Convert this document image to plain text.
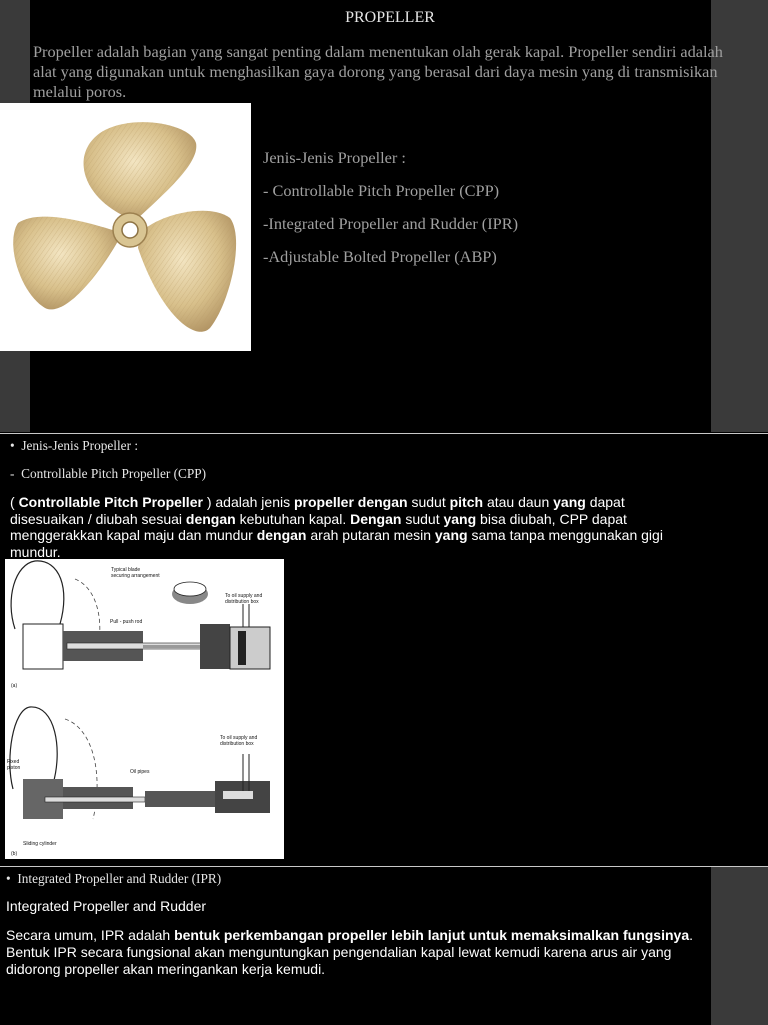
PROPELLER
Propeller adalah bagian yang sangat penting dalam menentukan olah gerak kapal. Propeller sendiri adalah alat yang digunakan untuk menghasilkan gaya dorong yang berasal dari daya mesin yang di transmisikan melalui poros.
Jenis-Jenis Propeller :
- Controllable Pitch Propeller (CPP)
-Integrated Propeller and Rudder (IPR)
-Adjustable Bolted Propeller (ABP)
•  Jenis-Jenis Propeller :
-  Controllable Pitch Propeller (CPP)
( Controllable Pitch Propeller ) adalah jenis propeller dengan sudut pitch atau daun yang dapat disesuaikan / diubah sesuai dengan kebutuhan kapal. Dengan sudut yang bisa diubah, CPP dapat menggerakkan kapal maju dan mundur dengan arah putaran mesin yang sama tanpa menggunakan gigi mundur.
Typical blade
securing arrangement
To oil supply and
distribution box
Pull - push rod
(a)
To oil supply and
distribution box
Fixed
piston
Oil pipes
Sliding cylinder
(b)
•  Integrated Propeller and Rudder (IPR)
Integrated Propeller and Rudder
Secara umum, IPR adalah bentuk perkembangan propeller lebih lanjut untuk memaksimalkan fungsinya. Bentuk IPR secara fungsional akan menguntungkan pengendalian kapal lewat kemudi karena arus air yang didorong propeller akan meringankan kerja kemudi.
